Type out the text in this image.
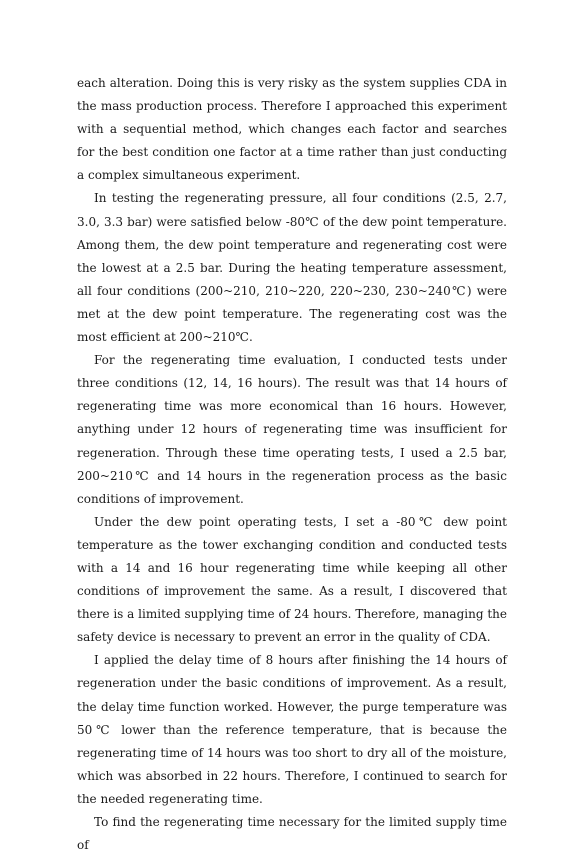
each alteration. Doing this is very risky as the system supplies CDA in the mass production process. Therefore I approached this experiment with a sequential method, which changes each factor and searches for the best condition one factor at a time rather than just conducting a complex simultaneous experiment.

In testing the regenerating pressure, all four conditions (2.5, 2.7, 3.0, 3.3 bar) were satisfied below -80℃ of the dew point temperature. Among them, the dew point temperature and regenerating cost were the lowest at a 2.5 bar. During the heating temperature assessment, all four conditions (200~210, 210~220, 220~230, 230~240℃) were met at the dew point temperature. The regenerating cost was the most efficient at 200~210℃.

For the regenerating time evaluation, I conducted tests under three conditions (12, 14, 16 hours). The result was that 14 hours of regenerating time was more economical than 16 hours. However, anything under 12 hours of regenerating time was insufficient for regeneration. Through these time operating tests, I used a 2.5 bar, 200~210℃ and 14 hours in the regeneration process as the basic conditions of improvement.

Under the dew point operating tests, I set a -80℃ dew point temperature as the tower exchanging condition and conducted tests with a 14 and 16 hour regenerating time while keeping all other conditions of improvement the same. As a result, I discovered that there is a limited supplying time of 24 hours. Therefore, managing the safety device is necessary to prevent an error in the quality of CDA.

I applied the delay time of 8 hours after finishing the 14 hours of regeneration under the basic conditions of improvement. As a result, the delay time function worked. However, the purge temperature was 50℃ lower than the reference temperature, that is because the regenerating time of 14 hours was too short to dry all of the moisture, which was absorbed in 22 hours. Therefore, I continued to search for the needed regenerating time.

To find the regenerating time necessary for the limited supply time of
